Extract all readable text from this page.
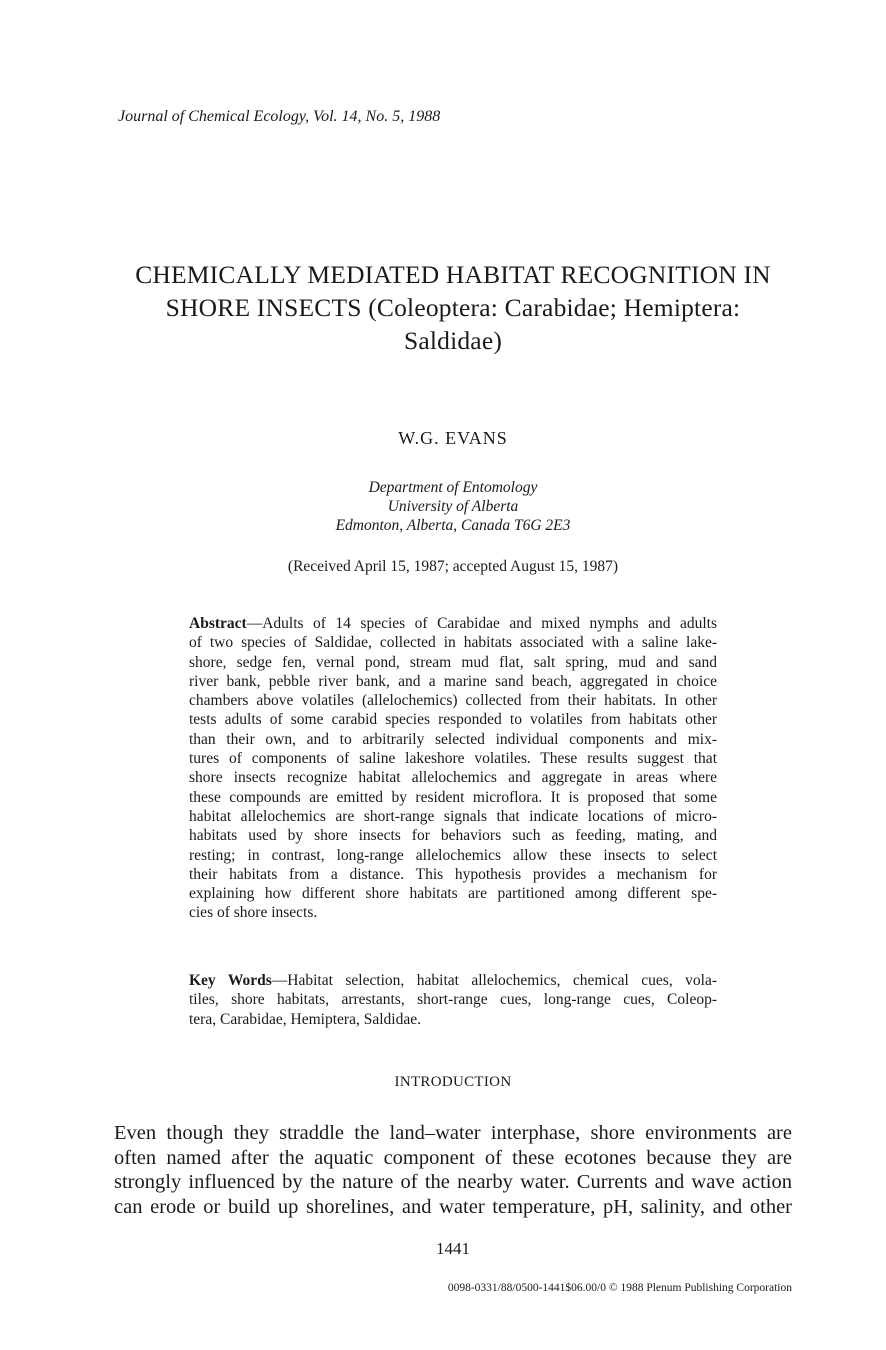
Journal of Chemical Ecology, Vol. 14, No. 5, 1988
CHEMICALLY MEDIATED HABITAT RECOGNITION IN
SHORE INSECTS (Coleoptera: Carabidae; Hemiptera:
Saldidae)
W.G. EVANS
Department of Entomology
University of Alberta
Edmonton, Alberta, Canada T6G 2E3
(Received April 15, 1987; accepted August 15, 1987)
Abstract—Adults of 14 species of Carabidae and mixed nymphs and adults
of two species of Saldidae, collected in habitats associated with a saline lake-
shore, sedge fen, vernal pond, stream mud flat, salt spring, mud and sand
river bank, pebble river bank, and a marine sand beach, aggregated in choice
chambers above volatiles (allelochemics) collected from their habitats. In other
tests adults of some carabid species responded to volatiles from habitats other
than their own, and to arbitrarily selected individual components and mix-
tures of components of saline lakeshore volatiles. These results suggest that
shore insects recognize habitat allelochemics and aggregate in areas where
these compounds are emitted by resident microflora. It is proposed that some
habitat allelochemics are short-range signals that indicate locations of micro-
habitats used by shore insects for behaviors such as feeding, mating, and
resting; in contrast, long-range allelochemics allow these insects to select
their habitats from a distance. This hypothesis provides a mechanism for
explaining how different shore habitats are partitioned among different spe-
cies of shore insects.
Key Words—Habitat selection, habitat allelochemics, chemical cues, vola-
tiles, shore habitats, arrestants, short-range cues, long-range cues, Coleop-
tera, Carabidae, Hemiptera, Saldidae.
INTRODUCTION
Even though they straddle the land–water interphase, shore environments are
often named after the aquatic component of these ecotones because they are
strongly influenced by the nature of the nearby water. Currents and wave action
can erode or build up shorelines, and water temperature, pH, salinity, and other
1441
0098-0331/88/0500-1441$06.00/0 © 1988 Plenum Publishing Corporation
